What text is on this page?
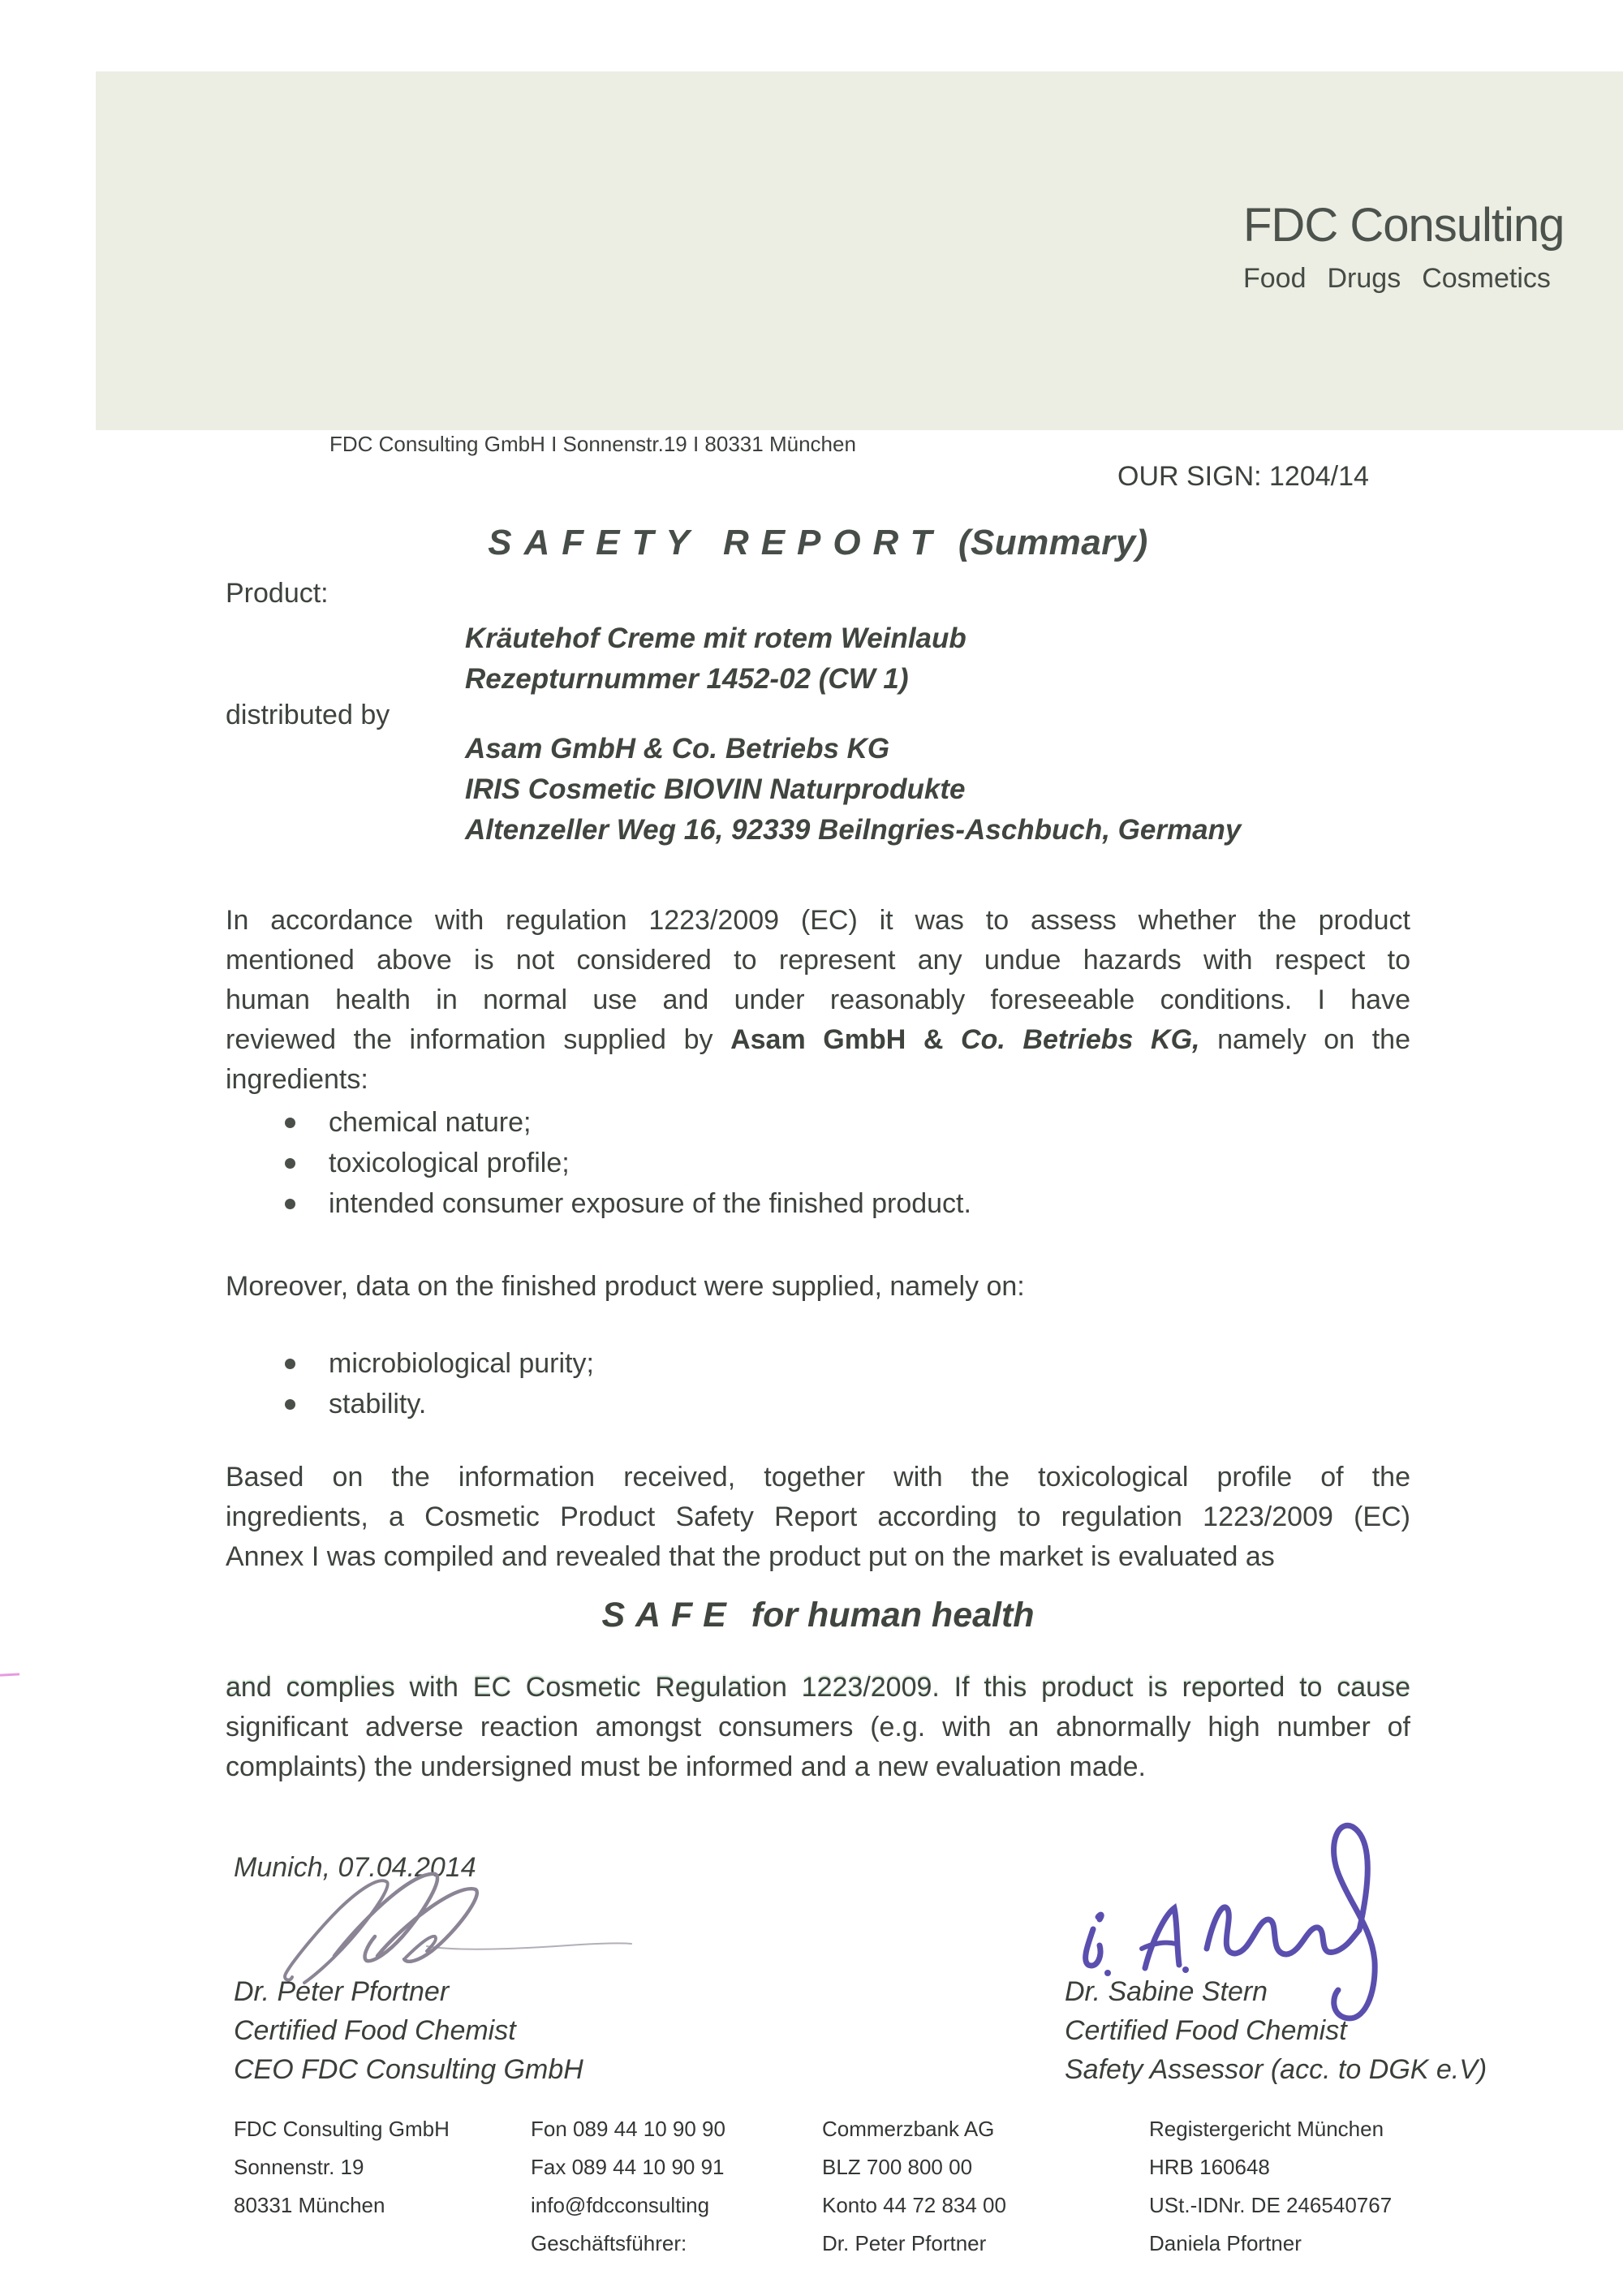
FDC Consulting
Food Drugs Cosmetics
FDC Consulting GmbH I Sonnenstr.19 I 80331 München
OUR SIGN: 1204/14
SAFETY REPORT (Summary)
Product:
Kräutehof Creme mit rotem Weinlaub
Rezepturnummer 1452-02 (CW 1)
distributed by
Asam GmbH & Co. Betriebs KG
IRIS Cosmetic BIOVIN Naturprodukte
Altenzeller Weg 16, 92339 Beilngries-Aschbuch, Germany
In accordance with regulation 1223/2009 (EC) it was to assess whether the product
mentioned above is not considered to represent any undue hazards with respect to
human health in normal use and under reasonably foreseeable conditions. I have
reviewed the information supplied by Asam GmbH & Co. Betriebs KG, namely on the
ingredients:
chemical nature;
toxicological profile;
intended consumer exposure of the finished product.
Moreover, data on the finished product were supplied, namely on:
microbiological purity;
stability.
Based on the information received, together with the toxicological profile of the
ingredients, a Cosmetic Product Safety Report according to regulation 1223/2009 (EC)
Annex I was compiled and revealed that the product put on the market is evaluated as
SAFE for human health
and complies with EC Cosmetic Regulation 1223/2009. If this product is reported to cause
significant adverse reaction amongst consumers (e.g. with an abnormally high number of
complaints) the undersigned must be informed and a new evaluation made.
Munich, 07.04.2014
Dr. Peter Pfortner
Certified Food Chemist
CEO FDC Consulting GmbH
Dr. Sabine Stern
Certified Food Chemist
Safety Assessor (acc. to DGK e.V)
FDC Consulting GmbH
Sonnenstr. 19
80331 München
Fon 089 44 10 90 90
Fax 089 44 10 90 91
info@fdcconsulting
Geschäftsführer:
Commerzbank AG
BLZ 700 800 00
Konto 44 72 834 00
Dr. Peter Pfortner
Registergericht München
HRB 160648
USt.-IDNr. DE 246540767
Daniela Pfortner
